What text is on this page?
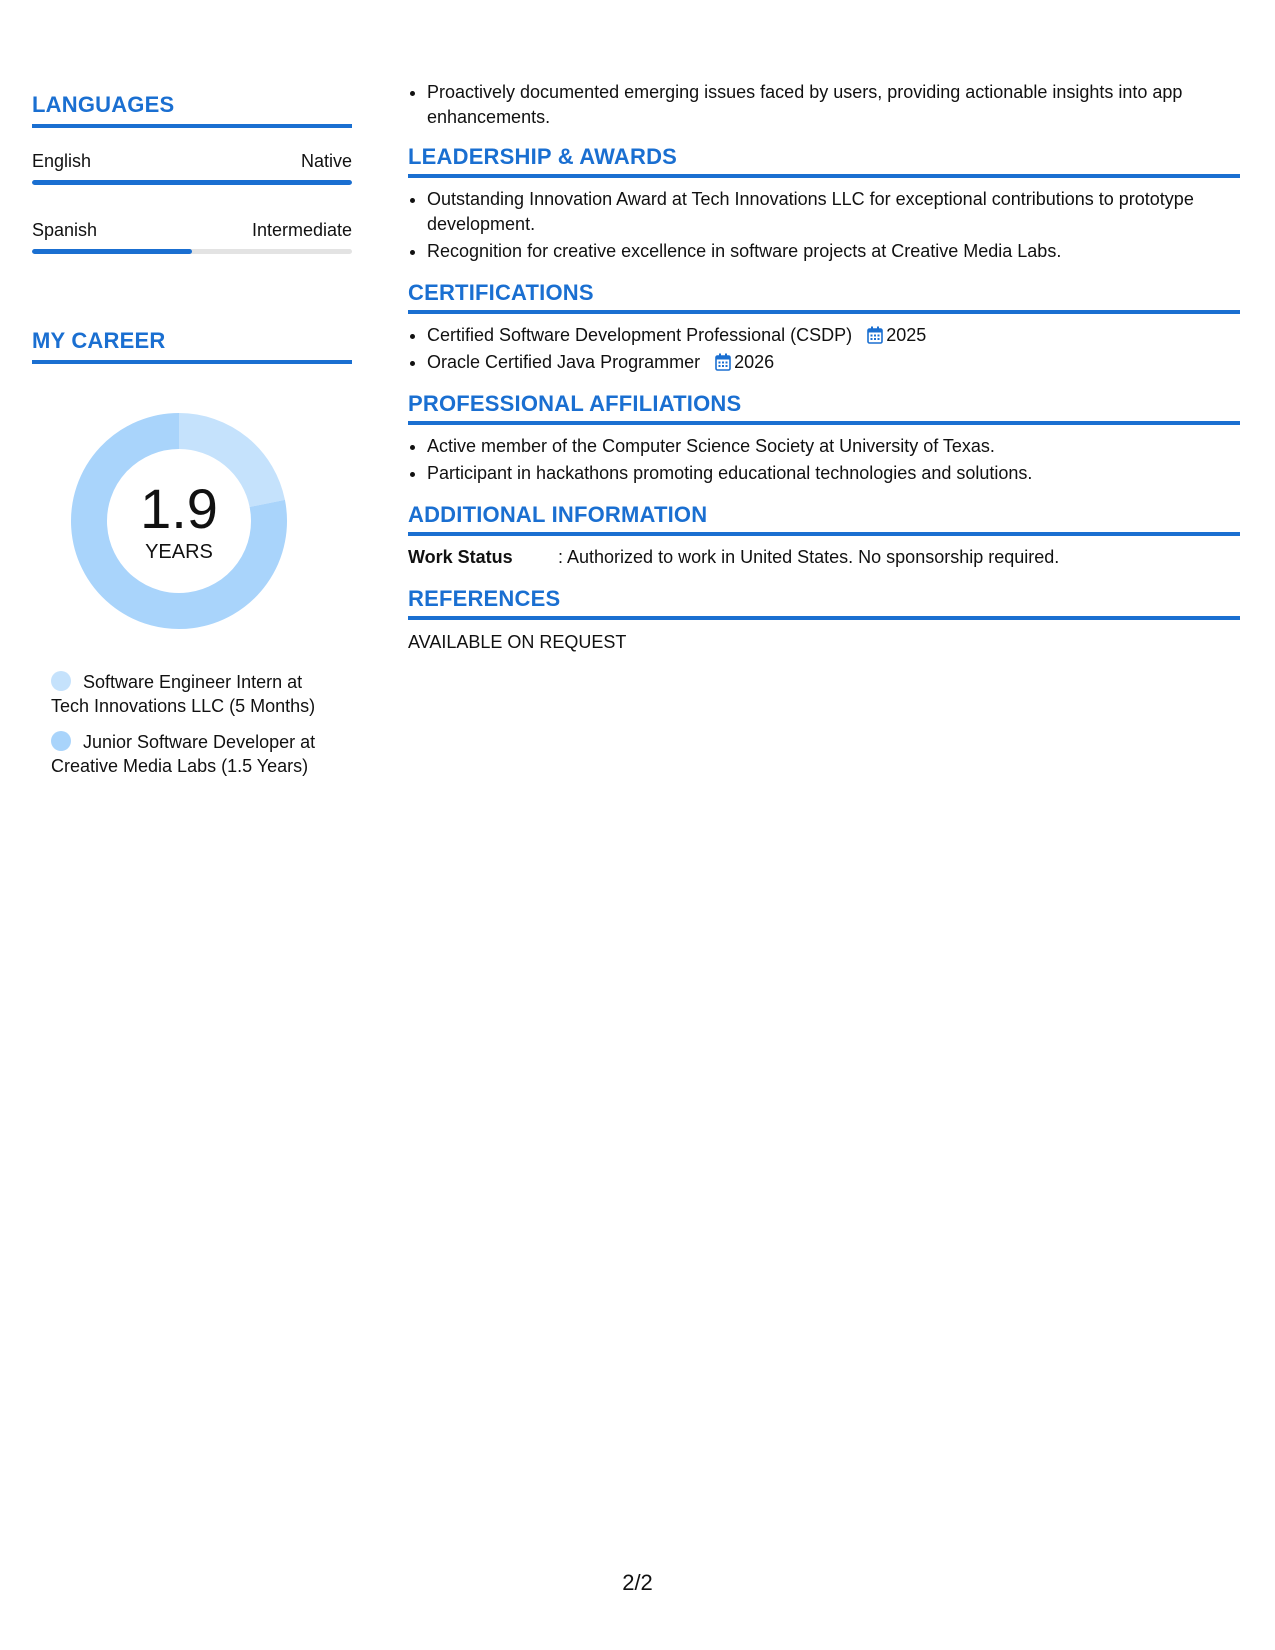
LANGUAGES
English	Native
Spanish	Intermediate
MY CAREER
1.9
YEARS
Software Engineer Intern at Tech Innovations LLC (5 Months)
Junior Software Developer at Creative Media Labs (1.5 Years)
• Proactively documented emerging issues faced by users, providing actionable insights into app enhancements.
LEADERSHIP & AWARDS
• Outstanding Innovation Award at Tech Innovations LLC for exceptional contributions to prototype development.
• Recognition for creative excellence in software projects at Creative Media Labs.
CERTIFICATIONS
• Certified Software Development Professional (CSDP) 2025
• Oracle Certified Java Programmer 2026
PROFESSIONAL AFFILIATIONS
• Active member of the Computer Science Society at University of Texas.
• Participant in hackathons promoting educational technologies and solutions.
ADDITIONAL INFORMATION
Work Status	: Authorized to work in United States. No sponsorship required.
REFERENCES
AVAILABLE ON REQUEST
2/2
